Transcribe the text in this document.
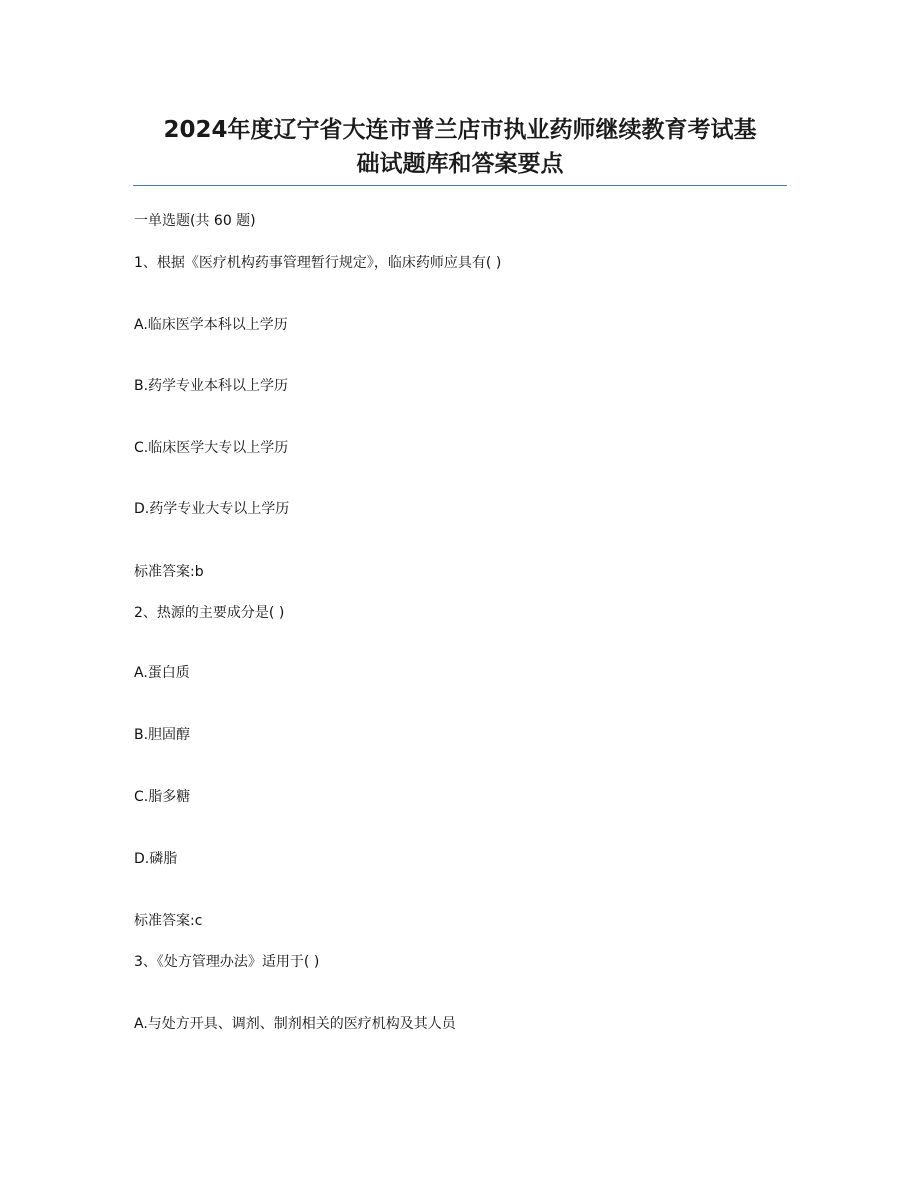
2024年度辽宁省大连市普兰店市执业药师继续教育考试基
础试题库和答案要点
一单选题(共 60 题)
1、根据《医疗机构药事管理暂行规定》，临床药师应具有( )
A.临床医学本科以上学历
B.药学专业本科以上学历
C.临床医学大专以上学历
D.药学专业大专以上学历
标准答案:b
2、热源的主要成分是( )
A.蛋白质
B.胆固醇
C.脂多糖
D.磷脂
标准答案:c
3、《处方管理办法》适用于( )
A.与处方开具、调剂、制剂相关的医疗机构及其人员
